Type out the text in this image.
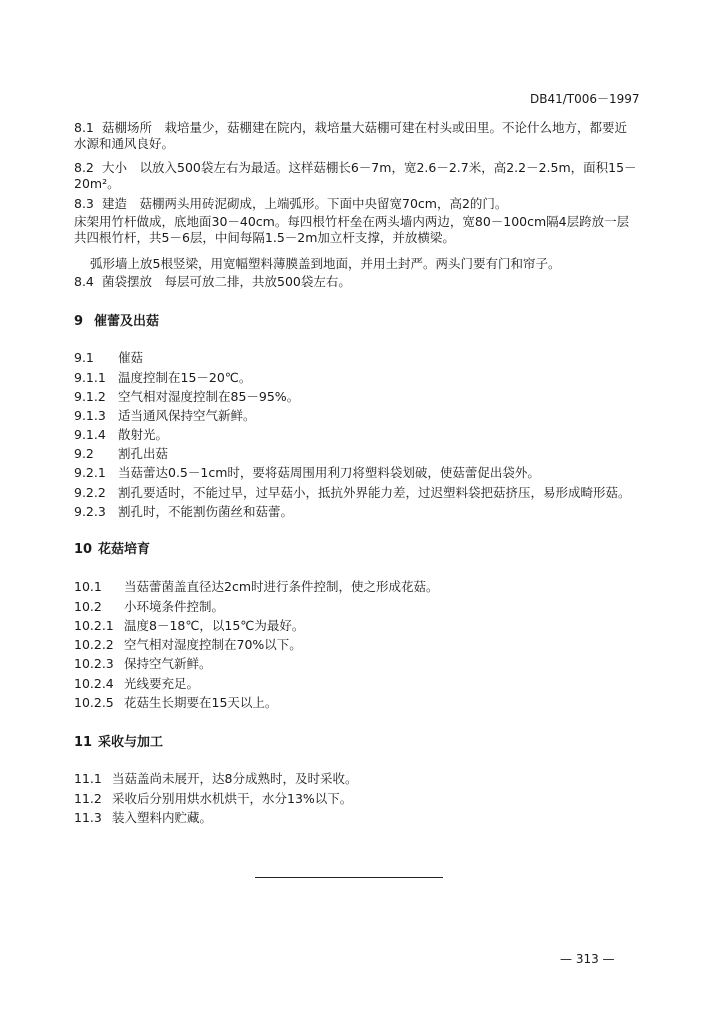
DB41/T006－1997
8.1 菇棚场所　栽培量少，菇棚建在院内，栽培量大菇棚可建在村头或田里。不论什么地方，都要近水源和通风良好。
8.2 大小　以放入500袋左右为最适。这样菇棚长6－7m，宽2.6－2.7米，高2.2－2.5m，面积15－20m²。
8.3 建造　菇棚两头用砖泥砌成，上端弧形。下面中央留宽70cm，高2的门。
床架用竹杆做成，底地面30－40cm。每四根竹杆垒在两头墙内两边，宽80－100cm隔4层跨放一层共四根竹杆，共5－6层，中间每隔1.5－2m加立杆支撑，并放横梁。
弧形墙上放5根竖梁，用宽幅塑料薄膜盖到地面，并用土封严。两头门要有门和帘子。
8.4 菌袋摆放　每层可放二排，共放500袋左右。
9 催蕾及出菇
9.1 催菇
9.1.1 温度控制在15－20℃。
9.1.2 空气相对湿度控制在85－95%。
9.1.3 适当通风保持空气新鲜。
9.1.4 散射光。
9.2 割孔出菇
9.2.1 当菇蕾达0.5－1cm时，要将菇周围用利刀将塑料袋划破，使菇蕾促出袋外。
9.2.2 割孔要适时，不能过早，过早菇小，抵抗外界能力差，过迟塑料袋把菇挤压，易形成畸形菇。
9.2.3 割孔时，不能割伤菌丝和菇蕾。
10 花菇培育
10.1 当菇蕾菌盖直径达2cm时进行条件控制，使之形成花菇。
10.2 小环境条件控制。
10.2.1 温度8－18℃，以15℃为最好。
10.2.2 空气相对湿度控制在70%以下。
10.2.3 保持空气新鲜。
10.2.4 光线要充足。
10.2.5 花菇生长期要在15天以上。
11 采收与加工
11.1 当菇盖尚未展开，达8分成熟时，及时采收。
11.2 采收后分别用烘水机烘干，水分13%以下。
11.3 装入塑料内贮藏。
— 313 —
